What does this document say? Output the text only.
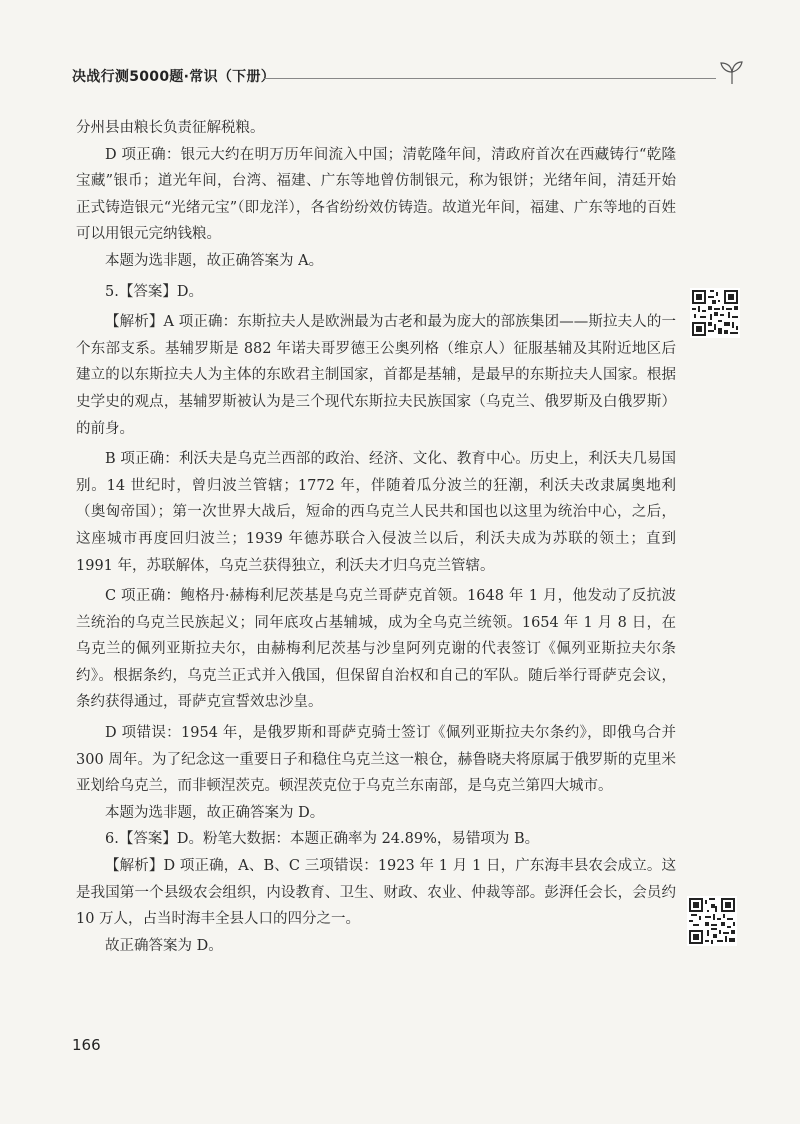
决战行测5000题·常识（下册）

分州县由粮长负责征解税粮。

D 项正确：银元大约在明万历年间流入中国；清乾隆年间，清政府首次在西藏铸行“乾隆宝藏”银币；道光年间，台湾、福建、广东等地曾仿制银元，称为银饼；光绪年间，清廷开始正式铸造银元“光绪元宝”（即龙洋），各省纷纷效仿铸造。故道光年间，福建、广东等地的百姓可以用银元完纳钱粮。

本题为选非题，故正确答案为 A。

5.【答案】D。

【解析】A 项正确：东斯拉夫人是欧洲最为古老和最为庞大的部族集团——斯拉夫人的一个东部支系。基辅罗斯是 882 年诺夫哥罗德王公奥列格（维京人）征服基辅及其附近地区后建立的以东斯拉夫人为主体的东欧君主制国家，首都是基辅，是最早的东斯拉夫人国家。根据史学史的观点，基辅罗斯被认为是三个现代东斯拉夫民族国家（乌克兰、俄罗斯及白俄罗斯）的前身。

B 项正确：利沃夫是乌克兰西部的政治、经济、文化、教育中心。历史上，利沃夫几易国别。14 世纪时，曾归波兰管辖；1772 年，伴随着瓜分波兰的狂潮，利沃夫改隶属奥地利（奥匈帝国）；第一次世界大战后，短命的西乌克兰人民共和国也以这里为统治中心，之后，这座城市再度回归波兰；1939 年德苏联合入侵波兰以后，利沃夫成为苏联的领土；直到 1991 年，苏联解体，乌克兰获得独立，利沃夫才归乌克兰管辖。

C 项正确：鲍格丹·赫梅利尼茨基是乌克兰哥萨克首领。1648 年 1 月，他发动了反抗波兰统治的乌克兰民族起义；同年底攻占基辅城，成为全乌克兰统领。1654 年 1 月 8 日，在乌克兰的佩列亚斯拉夫尔，由赫梅利尼茨基与沙皇阿列克谢的代表签订《佩列亚斯拉夫尔条约》。根据条约，乌克兰正式并入俄国，但保留自治权和自己的军队。随后举行哥萨克会议，条约获得通过，哥萨克宣誓效忠沙皇。

D 项错误：1954 年，是俄罗斯和哥萨克骑士签订《佩列亚斯拉夫尔条约》，即俄乌合并 300 周年。为了纪念这一重要日子和稳住乌克兰这一粮仓，赫鲁晓夫将原属于俄罗斯的克里米亚划给乌克兰，而非顿涅茨克。顿涅茨克位于乌克兰东南部，是乌克兰第四大城市。

本题为选非题，故正确答案为 D。

6.【答案】D。粉笔大数据：本题正确率为 24.89%，易错项为 B。

【解析】D 项正确，A、B、C 三项错误：1923 年 1 月 1 日，广东海丰县农会成立。这是我国第一个县级农会组织，内设教育、卫生、财政、农业、仲裁等部。彭湃任会长，会员约 10 万人，占当时海丰全县人口的四分之一。

故正确答案为 D。

166
